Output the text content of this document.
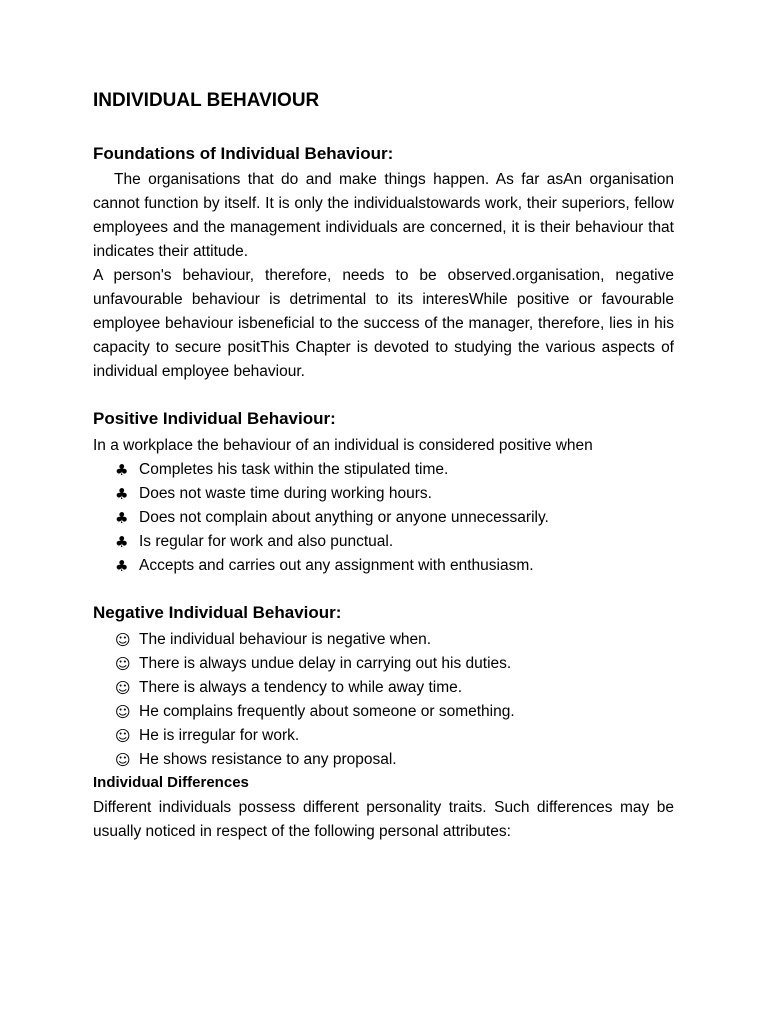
INDIVIDUAL BEHAVIOUR
Foundations of Individual Behaviour:
The organisations that do and make things happen. As far asAn organisation cannot function by itself. It is only the individualstowards work, their superiors, fellow employees and the management individuals are concerned, it is their behaviour that indicates their attitude.
A person's behaviour, therefore, needs to be observed.organisation, negative unfavourable behaviour is detrimental to its interesWhile positive or favourable employee behaviour isbeneficial to the success of the manager, therefore, lies in his capacity to secure positThis Chapter is devoted to studying the various aspects of individual employee behaviour.
Positive Individual Behaviour:
In a workplace the behaviour of an individual is considered positive when
♣ Completes his task within the stipulated time.
♣ Does not waste time during working hours.
♣ Does not complain about anything or anyone unnecessarily.
♣ Is regular for work and also punctual.
♣ Accepts and carries out any assignment with enthusiasm.
Negative Individual Behaviour:
☺ The individual behaviour is negative when.
☺ There is always undue delay in carrying out his duties.
☺ There is always a tendency to while away time.
☺ He complains frequently about someone or something.
☺ He is irregular for work.
☺ He shows resistance to any proposal.
Individual Differences
Different individuals possess different personality traits. Such differences may be usually noticed in respect of the following personal attributes:
